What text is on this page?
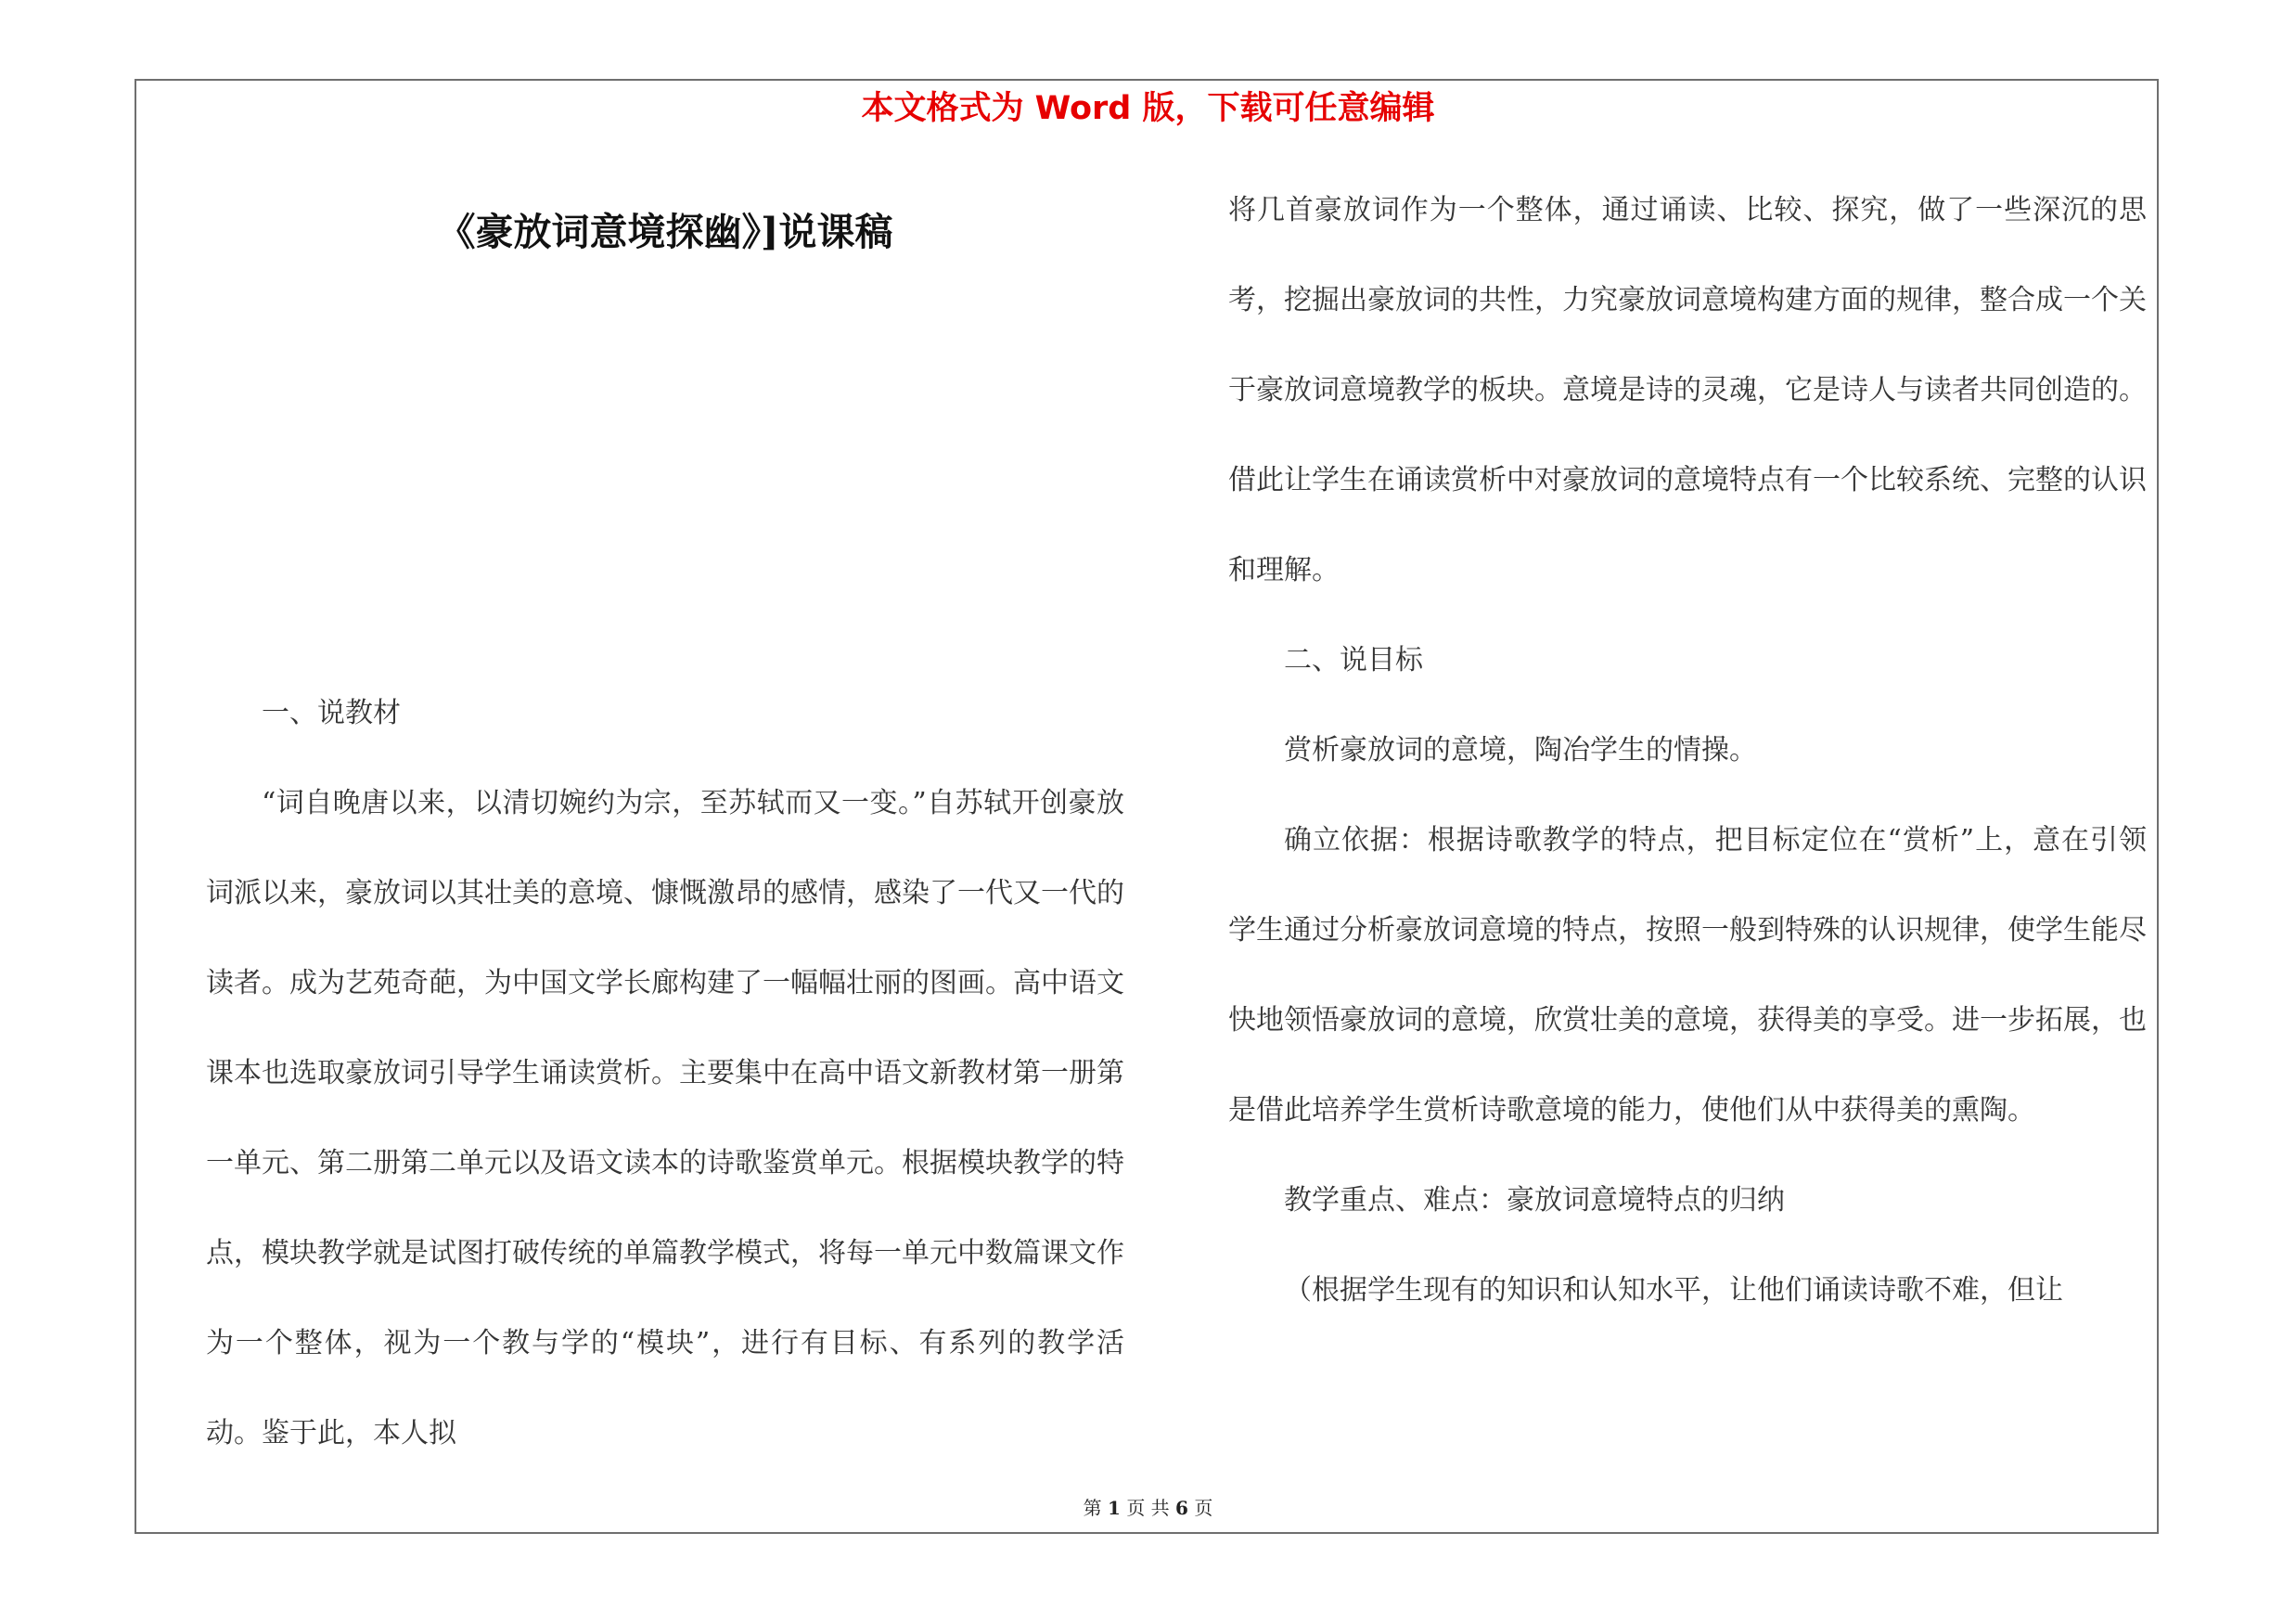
本文格式为 Word 版，下载可任意编辑
《豪放词意境探幽》]说课稿

一、说教材

“词自晚唐以来，以清切婉约为宗，至苏轼而又一变。”自苏轼开创豪放词派以来，豪放词以其壮美的意境、慷慨激昂的感情，感染了一代又一代的读者。成为艺苑奇葩，为中国文学长廊构建了一幅幅壮丽的图画。高中语文课本也选取豪放词引导学生诵读赏析。主要集中在高中语文新教材第一册第一单元、第二册第二单元以及语文读本的诗歌鉴赏单元。根据模块教学的特点，模块教学就是试图打破传统的单篇教学模式，将每一单元中数篇课文作为一个整体，视为一个教与学的“模块”，进行有目标、有系列的教学活动。鉴于此，本人拟

将几首豪放词作为一个整体，通过诵读、比较、探究，做了一些深沉的思考，挖掘出豪放词的共性，力究豪放词意境构建方面的规律，整合成一个关于豪放词意境教学的板块。意境是诗的灵魂，它是诗人与读者共同创造的。借此让学生在诵读赏析中对豪放词的意境特点有一个比较系统、完整的认识和理解。

二、说目标

赏析豪放词的意境，陶冶学生的情操。

确立依据：根据诗歌教学的特点，把目标定位在“赏析”上，意在引领学生通过分析豪放词意境的特点，按照一般到特殊的认识规律，使学生能尽快地领悟豪放词的意境，欣赏壮美的意境，获得美的享受。进一步拓展，也是借此培养学生赏析诗歌意境的能力，使他们从中获得美的熏陶。

教学重点、难点：豪放词意境特点的归纳

（根据学生现有的知识和认知水平，让他们诵读诗歌不难，但让

第 1 页 共 6 页
